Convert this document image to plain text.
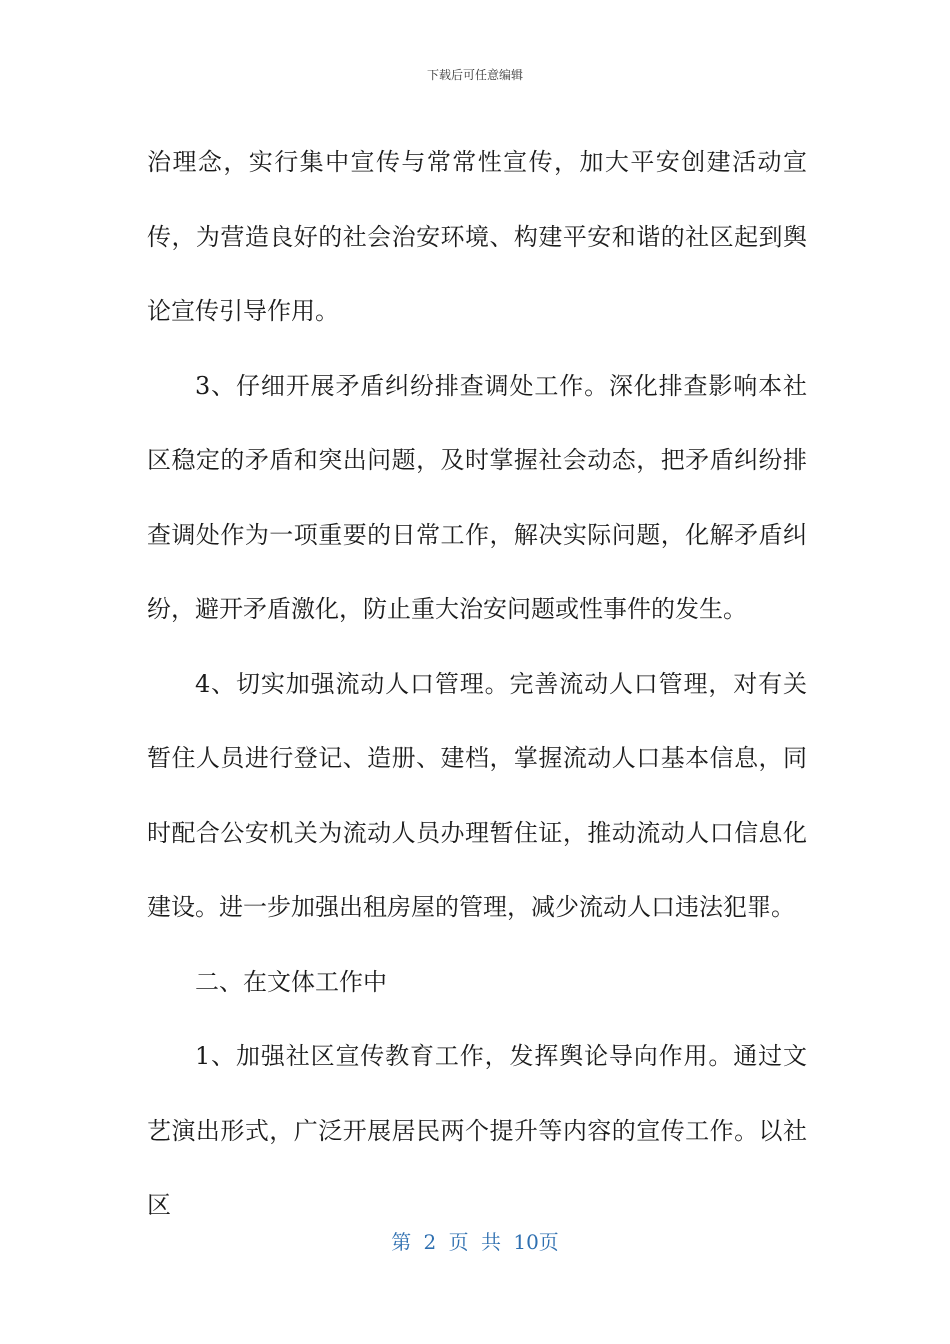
下载后可任意编辑

治理念，实行集中宣传与常常性宣传，加大平安创建活动宣传，为营造良好的社会治安环境、构建平安和谐的社区起到舆论宣传引导作用。

3、仔细开展矛盾纠纷排查调处工作。深化排查影响本社区稳定的矛盾和突出问题，及时掌握社会动态，把矛盾纠纷排查调处作为一项重要的日常工作，解决实际问题，化解矛盾纠纷，避开矛盾激化，防止重大治安问题或性事件的发生。

4、切实加强流动人口管理。完善流动人口管理，对有关暂住人员进行登记、造册、建档，掌握流动人口基本信息，同时配合公安机关为流动人员办理暂住证，推动流动人口信息化建设。进一步加强出租房屋的管理，减少流动人口违法犯罪。

二、在文体工作中

1、加强社区宣传教育工作，发挥舆论导向作用。通过文艺演出形式，广泛开展居民两个提升等内容的宣传工作。以社区

第 2 页 共 10页
